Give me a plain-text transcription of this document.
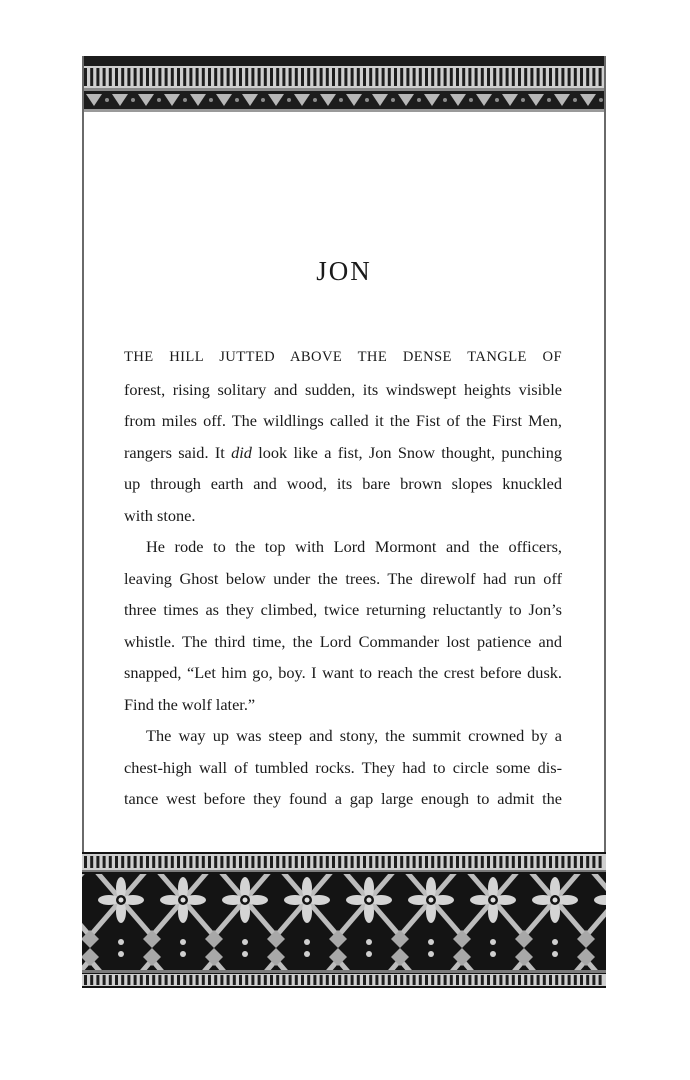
JON
THE HILL JUTTED ABOVE THE DENSE TANGLE OF
forest, rising solitary and sudden, its windswept heights visible
from miles off. The wildlings called it the Fist of the First Men,
rangers said. It did look like a fist, Jon Snow thought, punching
up through earth and wood, its bare brown slopes knuckled
with stone.
He rode to the top with Lord Mormont and the officers,
leaving Ghost below under the trees. The direwolf had run off
three times as they climbed, twice returning reluctantly to Jon’s
whistle. The third time, the Lord Commander lost patience and
snapped, “Let him go, boy. I want to reach the crest before dusk.
Find the wolf later.”
The way up was steep and stony, the summit crowned by a
chest-high wall of tumbled rocks. They had to circle some dis-
tance west before they found a gap large enough to admit the
